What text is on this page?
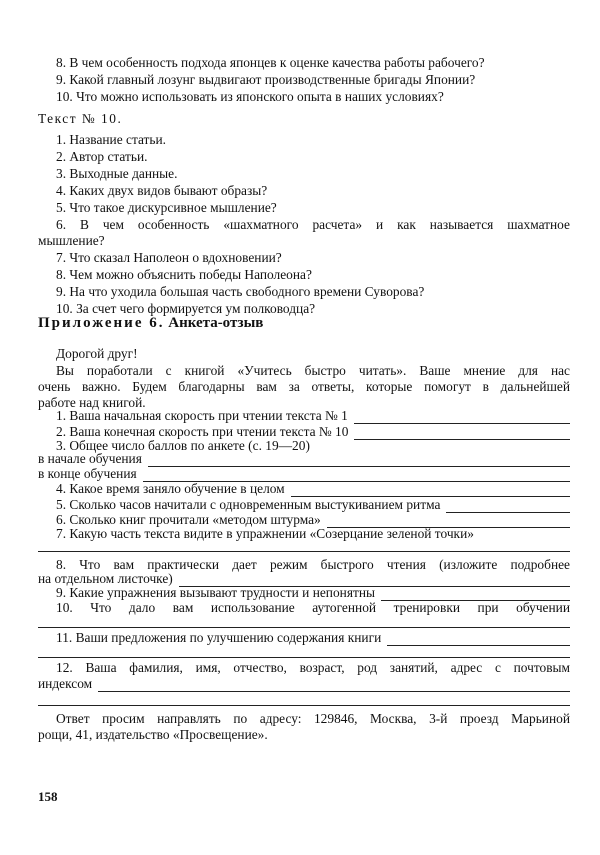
8. В чем особенность подхода японцев к оценке качества работы рабочего?
9. Какой главный лозунг выдвигают производственные бригады Японии?
10. Что можно использовать из японского опыта в наших условиях?
Текст № 10.
1. Название статьи.
2. Автор статьи.
3. Выходные данные.
4. Каких двух видов бывают образы?
5. Что такое дискурсивное мышление?
6. В чем особенность «шахматного расчета» и как называется шахматное
мышление?
7. Что сказал Наполеон о вдохновении?
8. Чем можно объяснить победы Наполеона?
9. На что уходила большая часть свободного времени Суворова?
10. За счет чего формируется ум полководца?
Приложение 6. Анкета-отзыв
Дорогой друг!
Вы поработали с книгой «Учитесь быстро читать». Ваше мнение для нас
очень важно. Будем благодарны вам за ответы, которые помогут в дальнейшей
работе над книгой.
1. Ваша начальная скорость при чтении текста № 1
2. Ваша конечная скорость при чтении текста № 10
3. Общее число баллов по анкете (с. 19—20)
в начале обучения
в конце обучения
4. Какое время заняло обучение в целом
5. Сколько часов начитали с одновременным выстукиванием ритма
6. Сколько книг прочитали «методом штурма»
7. Какую часть текста видите в упражнении «Созерцание зеленой точки»
8. Что вам практически дает режим быстрого чтения (изложите подробнее
на отдельном листочке)
9. Какие упражнения вызывают трудности и непонятны
10. Что дало вам использование аутогенной тренировки при обучении
11. Ваши предложения по улучшению содержания книги
12. Ваша фамилия, имя, отчество, возраст, род занятий, адрес с почтовым
индексом
Ответ просим направлять по адресу: 129846, Москва, 3-й проезд Марьиной
рощи, 41, издательство «Просвещение».
158
